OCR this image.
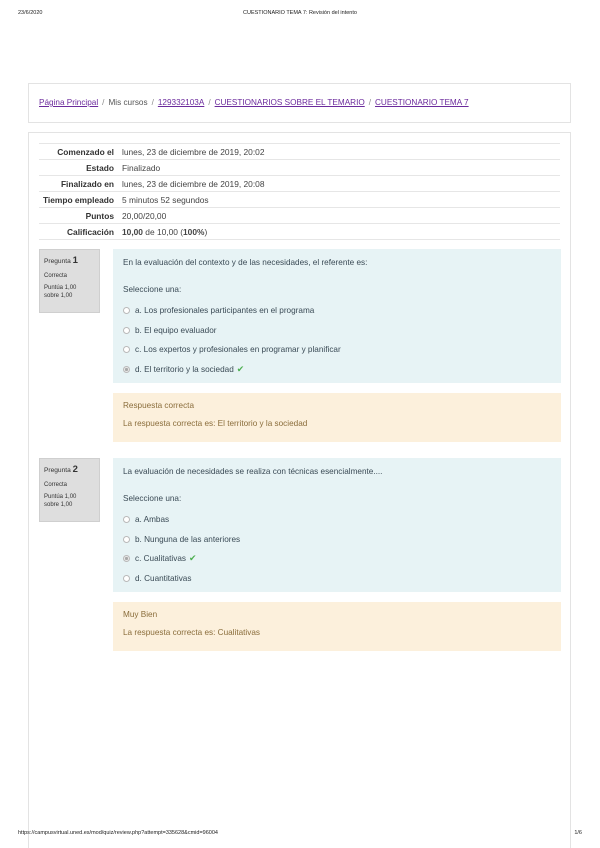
23/6/2020	CUESTIONARIO TEMA 7: Revisión del intento
Página Principal / Mis cursos / 129332103A / CUESTIONARIOS SOBRE EL TEMARIO / CUESTIONARIO TEMA 7
Comenzado el	lunes, 23 de diciembre de 2019, 20:02
Estado	Finalizado
Finalizado en	lunes, 23 de diciembre de 2019, 20:08
Tiempo empleado	5 minutos 52 segundos
Puntos	20,00/20,00
Calificación	10,00 de 10,00 (100%)
Pregunta 1
Correcta
Puntúa 1,00
sobre 1,00
En la evaluación del contexto y de las necesidades, el referente es:
Seleccione una:
a. Los profesionales participantes en el programa
b. El equipo evaluador
c. Los expertos y profesionales en programar y planificar
d. El territorio y la sociedad ✔
Respuesta correcta
La respuesta correcta es: El territorio y la sociedad
Pregunta 2
Correcta
Puntúa 1,00
sobre 1,00
La evaluación de necesidades se realiza con técnicas esencialmente....
Seleccione una:
a. Ambas
b. Nunguna de las anteriores
c. Cualitativas ✔
d. Cuantitativas
Muy Bien
La respuesta correcta es: Cualitativas
https://campusvirtual.uned.es/mod/quiz/review.php?attempt=335628&cmid=96004	1/6
